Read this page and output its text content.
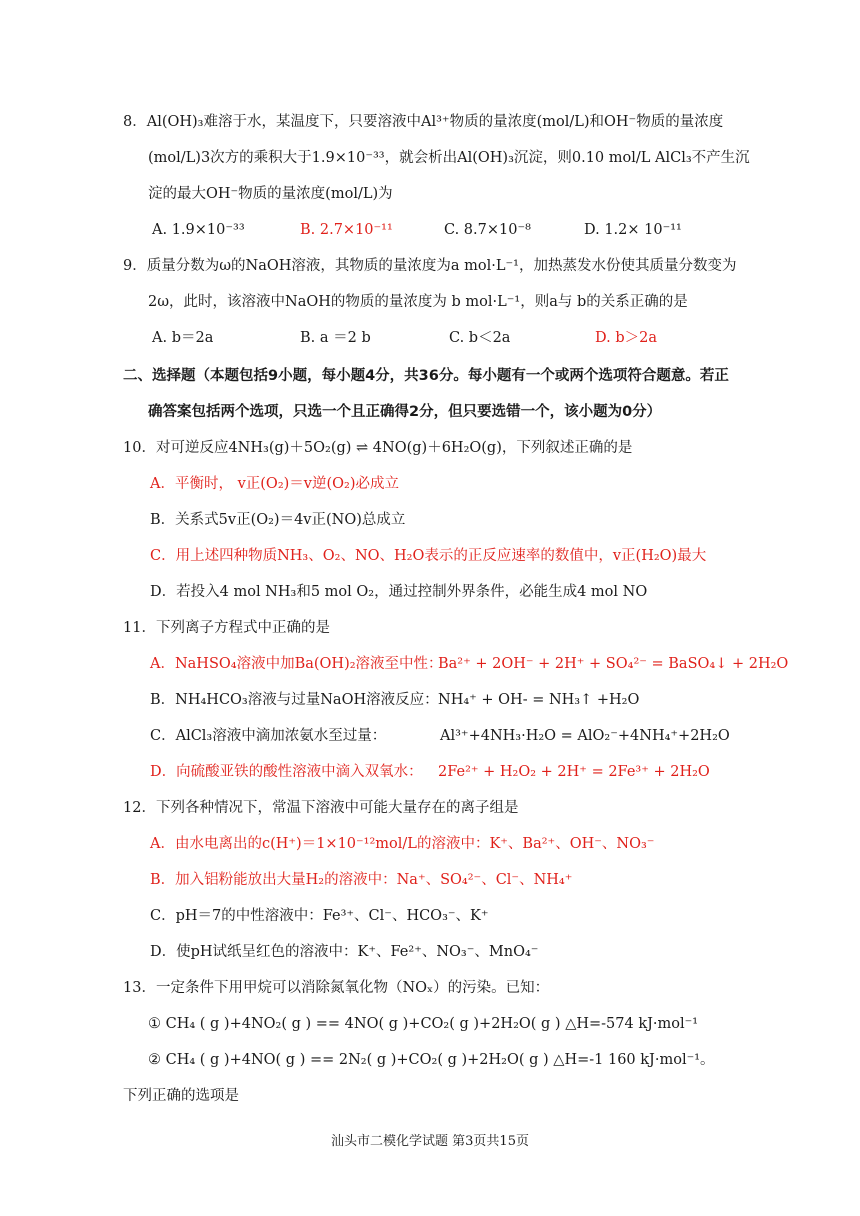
8．Al(OH)₃难溶于水，某温度下，只要溶液中Al³⁺物质的量浓度(mol/L)和OH⁻物质的量浓度
(mol/L)3次方的乘积大于1.9×10⁻³³，就会析出Al(OH)₃沉淀，则0.10 mol/L AlCl₃不产生沉
淀的最大OH⁻物质的量浓度(mol/L)为
A. 1.9×10⁻³³	B. 2.7×10⁻¹¹	C. 8.7×10⁻⁸	D. 1.2× 10⁻¹¹
9．质量分数为ω的NaOH溶液，其物质的量浓度为a mol·L⁻¹，加热蒸发水份使其质量分数变为
2ω，此时，该溶液中NaOH的物质的量浓度为 b mol·L⁻¹，则a与 b的关系正确的是
A. b＝2a	B. a ＝2 b	C. b＜2a	D. b＞2a
二、选择题（本题包括9小题，每小题4分，共36分。每小题有一个或两个选项符合题意。若正
确答案包括两个选项，只选一个且正确得2分，但只要选错一个，该小题为0分）
10．对可逆反应4NH₃(g)＋5O₂(g) ⇌ 4NO(g)＋6H₂O(g)，下列叙述正确的是
A．平衡时， v正(O₂)＝v逆(O₂)必成立
B．关系式5v正(O₂)＝4v正(NO)总成立
C．用上述四种物质NH₃、O₂、NO、H₂O表示的正反应速率的数值中，v正(H₂O)最大
D．若投入4 mol NH₃和5 mol O₂，通过控制外界条件，必能生成4 mol NO
11．下列离子方程式中正确的是
A．NaHSO₄溶液中加Ba(OH)₂溶液至中性：
Ba²⁺ + 2OH⁻ + 2H⁺ + SO₄²⁻ = BaSO₄↓ + 2H₂O
B．NH₄HCO₃溶液与过量NaOH溶液反应： NH₄⁺ + OH- = NH₃↑ +H₂O
C．AlCl₃溶液中滴加浓氨水至过量：	Al³⁺+4NH₃·H₂O = AlO₂⁻+4NH₄⁺+2H₂O
D．向硫酸亚铁的酸性溶液中滴入双氧水： 2Fe²⁺ + H₂O₂ + 2H⁺ = 2Fe³⁺ + 2H₂O
12．下列各种情况下，常温下溶液中可能大量存在的离子组是
A．由水电离出的c(H⁺)＝1×10⁻¹²mol/L的溶液中：K⁺、Ba²⁺、OH⁻、NO₃⁻
B．加入铝粉能放出大量H₂的溶液中：Na⁺、SO₄²⁻、Cl⁻、NH₄⁺
C．pH＝7的中性溶液中：Fe³⁺、Cl⁻、HCO₃⁻、K⁺
D．使pH试纸呈红色的溶液中：K⁺、Fe²⁺、NO₃⁻、MnO₄⁻
13．一定条件下用甲烷可以消除氮氧化物（NOₓ）的污染。已知：
① CH₄ ( g )+4NO₂( g ) == 4NO( g )+CO₂( g )+2H₂O( g ) △H=-574 kJ·mol⁻¹
② CH₄ ( g )+4NO( g ) == 2N₂( g )+CO₂( g )+2H₂O( g ) △H=-1 160 kJ·mol⁻¹。
下列正确的选项是
汕头市二模化学试题 第3页共15页
